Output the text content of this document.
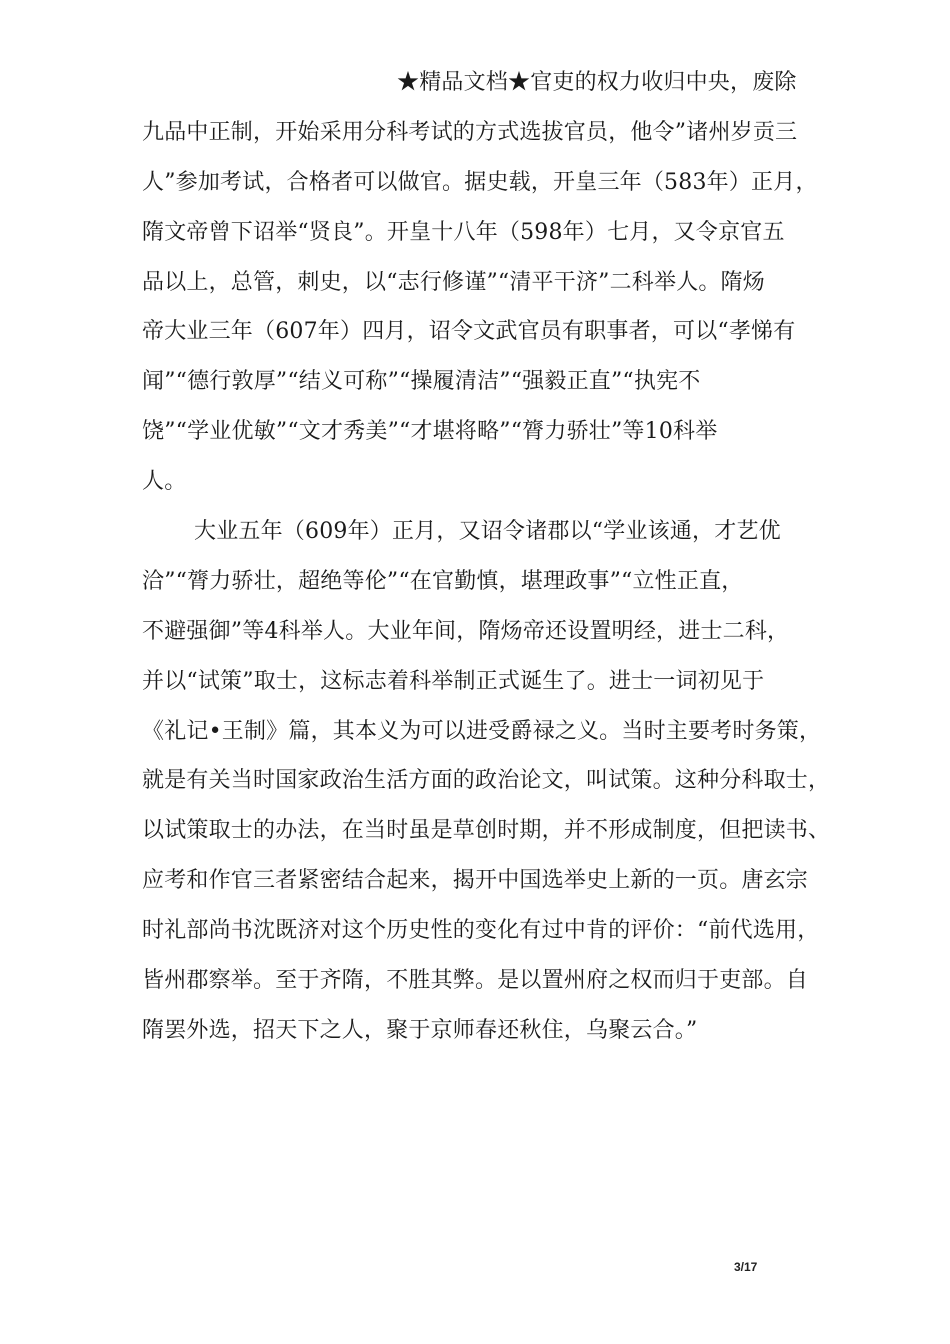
★精品文档★官吏的权力收归中央，废除
九品中正制，开始采用分科考试的方式选拔官员，他令”诸州岁贡三
人”参加考试，合格者可以做官。据史载，开皇三年（583年）正月，
隋文帝曾下诏举“贤良”。开皇十八年（598年）七月，又令京官五
品以上，总管，刺史，以“志行修谨”“清平干济”二科举人。隋炀
帝大业三年（607年）四月，诏令文武官员有职事者，可以“孝悌有
闻”“德行敦厚”“结义可称”“操履清洁”“强毅正直”“执宪不
饶”“学业优敏”“文才秀美”“才堪将略”“膂力骄壮”等10科举
人。
大业五年（609年）正月，又诏令诸郡以“学业该通，才艺优
洽”“膂力骄壮，超绝等伦”“在官勤慎，堪理政事”“立性正直，
不避强御”等4科举人。大业年间，隋炀帝还设置明经，进士二科，
并以“试策”取士，这标志着科举制正式诞生了。进士一词初见于
《礼记•王制》篇，其本义为可以进受爵禄之义。当时主要考时务策，
就是有关当时国家政治生活方面的政治论文，叫试策。这种分科取士，
以试策取士的办法，在当时虽是草创时期，并不形成制度，但把读书、
应考和作官三者紧密结合起来，揭开中国选举史上新的一页。唐玄宗
时礼部尚书沈既济对这个历史性的变化有过中肯的评价：“前代选用，
皆州郡察举。至于齐隋，不胜其弊。是以置州府之权而归于吏部。自
隋罢外选，招天下之人，聚于京师春还秋住，乌聚云合。”
3/17
